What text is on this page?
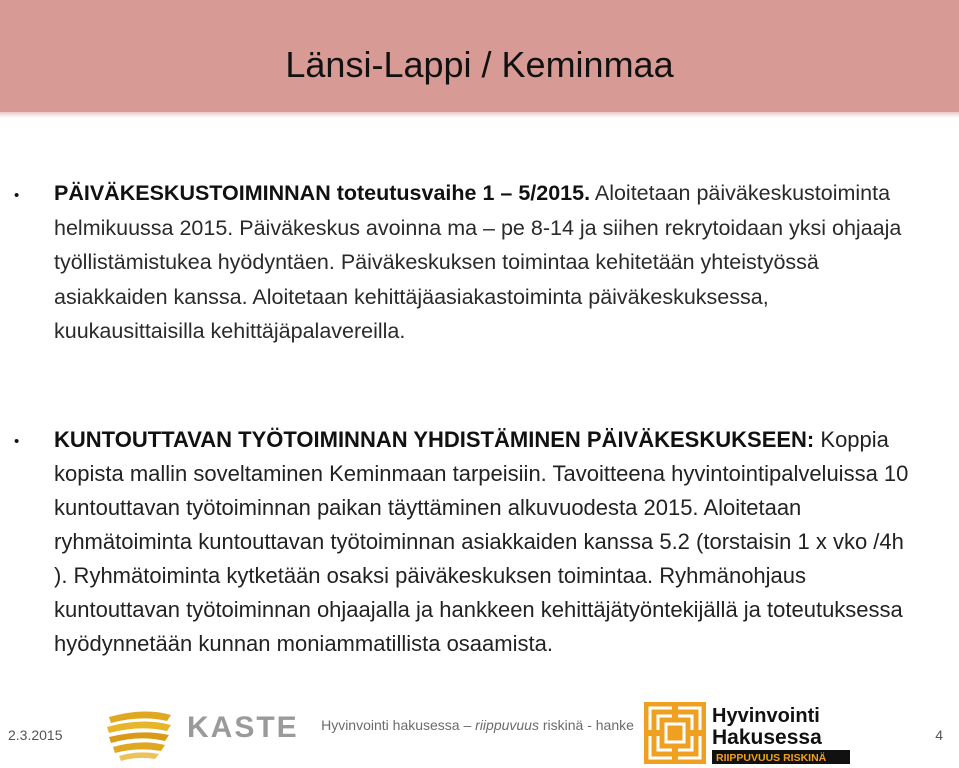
Länsi-Lappi / Keminmaa
• PÄIVÄKESKUSTOIMINNAN toteutusvaihe 1 – 5/2015. Aloitetaan päiväkeskustoiminta helmikuussa 2015. Päiväkeskus avoinna ma – pe 8-14 ja siihen rekrytoidaan yksi ohjaaja työllistämistukea hyödyntäen. Päiväkeskuksen toimintaa kehitetään yhteistyössä asiakkaiden kanssa. Aloitetaan kehittäjäasiakastoiminta päiväkeskuksessa, kuukausittaisilla kehittäjäpalavereilla.
• KUNTOUTTAVAN TYÖTOIMINNAN YHDISTÄMINEN PÄIVÄKESKUKSEEN: Koppia kopista mallin soveltaminen Keminmaan tarpeisiin. Tavoitteena hyvintointipalveluissa 10 kuntouttavan työtoiminnan paikan täyttäminen alkuvuodesta 2015. Aloitetaan ryhmätoiminta kuntouttavan työtoiminnan asiakkaiden kanssa 5.2 (torstaisin 1 x vko /4h ). Ryhmätoiminta kytketään osaksi päiväkeskuksen toimintaa. Ryhmänohjaus kuntouttavan työtoiminnan ohjaajalla ja hankkeen kehittäjätyöntekijällä ja toteutuksessa hyödynnetään kunnan moniammatillista osaamista.
2.3.2015	KASTE Hyvinvointi hakusessa – riippuvuus riskinä - hanke	Hyvinvointi
Hakusessa
RIIPPUVUUS RISKINÄ
4
